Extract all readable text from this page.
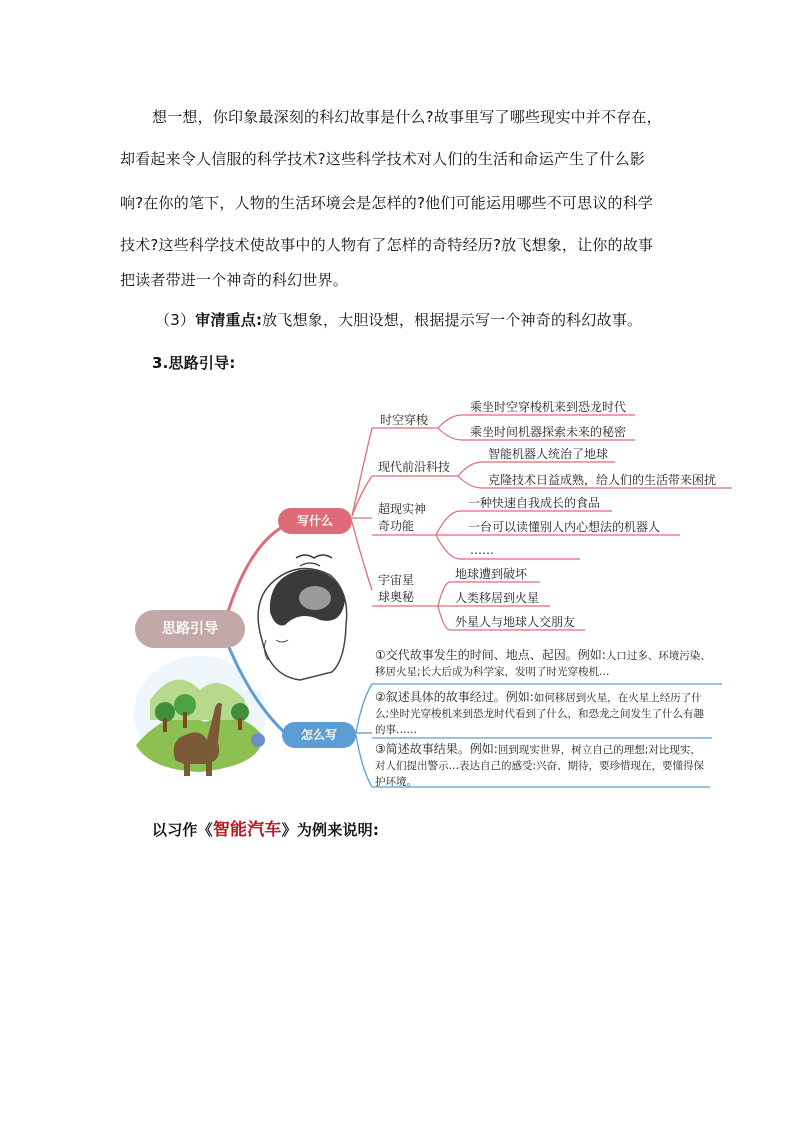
想一想，你印象最深刻的科幻故事是什么?故事里写了哪些现实中并不存在，
却看起来令人信服的科学技术?这些科学技术对人们的生活和命运产生了什么影
响?在你的笔下，人物的生活环境会是怎样的?他们可能运用哪些不可思议的科学
技术?这些科学技术使故事中的人物有了怎样的奇特经历?放飞想象，让你的故事
把读者带进一个神奇的科幻世界。
（3）审清重点:放飞想象，大胆设想，根据提示写一个神奇的科幻故事。
3.思路引导:
思路引导
写什么
怎么写
时空穿梭
现代前沿科技
超现实神
奇功能
宇宙星
球奥秘
乘坐时空穿梭机来到恐龙时代
乘坐时间机器探索未来的秘密
智能机器人统治了地球
克隆技术日益成熟，给人们的生活带来困扰
一种快速自我成长的食品
一台可以读懂别人内心想法的机器人
……
地球遭到破坏
人类移居到火星
外星人与地球人交朋友
①交代故事发生的时间、地点、起因。例如:人口过多、环境污染、移居火星;长大后成为科学家，发明了时光穿梭机…
②叙述具体的故事经过。例如:如何移居到火星，在火星上经历了什么;坐时光穿梭机来到恐龙时代看到了什么，和恐龙之间发生了什么有趣的事……
③简述故事结果。例如:回到现实世界，树立自己的理想;对比现实，对人们提出警示…表达自己的感受:兴奋、期待，要珍惜现在，要懂得保护环境。
以习作《智能汽车》为例来说明:
